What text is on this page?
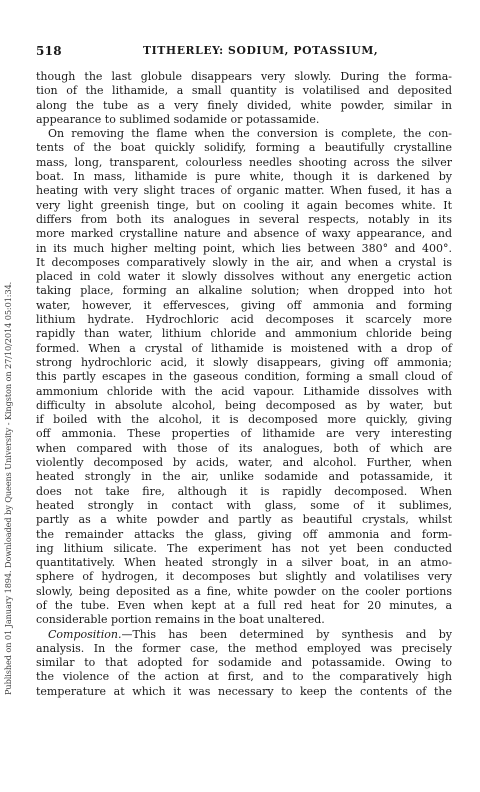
Published on 01 January 1894. Downloaded by Queens University - Kingston on 27/10/2014 05:01:34.
518	TITHERLEY: SODIUM, POTASSIUM,
though the last globule disappears very slowly. During the forma-
tion of the lithamide, a small quantity is volatilised and deposited
along the tube as a very finely divided, white powder, similar in
appearance to sublimed sodamide or potassamide.
On removing the flame when the conversion is complete, the con-
tents of the boat quickly solidify, forming a beautifully crystalline
mass, long, transparent, colourless needles shooting across the silver
boat. In mass, lithamide is pure white, though it is darkened by
heating with very slight traces of organic matter. When fused, it has a
very light greenish tinge, but on cooling it again becomes white. It
differs from both its analogues in several respects, notably in its
more marked crystalline nature and absence of waxy appearance, and
in its much higher melting point, which lies between 380° and 400°.
It decomposes comparatively slowly in the air, and when a crystal is
placed in cold water it slowly dissolves without any energetic action
taking place, forming an alkaline solution; when dropped into hot
water, however, it effervesces, giving off ammonia and forming
lithium hydrate. Hydrochloric acid decomposes it scarcely more
rapidly than water, lithium chloride and ammonium chloride being
formed. When a crystal of lithamide is moistened with a drop of
strong hydrochloric acid, it slowly disappears, giving off ammonia;
this partly escapes in the gaseous condition, forming a small cloud of
ammonium chloride with the acid vapour. Lithamide dissolves with
difficulty in absolute alcohol, being decomposed as by water, but
if boiled with the alcohol, it is decomposed more quickly, giving
off ammonia. These properties of lithamide are very interesting
when compared with those of its analogues, both of which are
violently decomposed by acids, water, and alcohol. Further, when
heated strongly in the air, unlike sodamide and potassamide, it
does not take fire, although it is rapidly decomposed. When
heated strongly in contact with glass, some of it sublimes,
partly as a white powder and partly as beautiful crystals, whilst
the remainder attacks the glass, giving off ammonia and form-
ing lithium silicate. The experiment has not yet been conducted
quantitatively. When heated strongly in a silver boat, in an atmo-
sphere of hydrogen, it decomposes but slightly and volatilises very
slowly, being deposited as a fine, white powder on the cooler portions
of the tube. Even when kept at a full red heat for 20 minutes, a
considerable portion remains in the boat unaltered.
Composition.—This has been determined by synthesis and by
analysis. In the former case, the method employed was precisely
similar to that adopted for sodamide and potassamide. Owing to
the violence of the action at first, and to the comparatively high
temperature at which it was necessary to keep the contents of the
